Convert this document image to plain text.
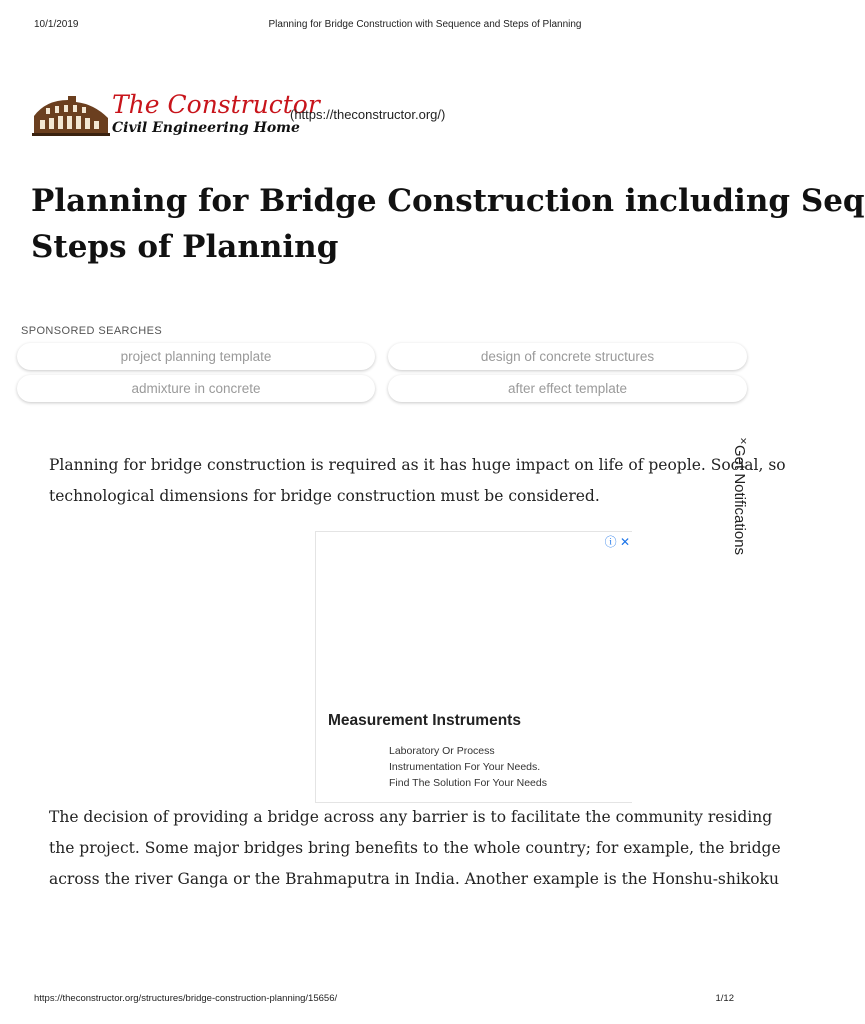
10/1/2019	Planning for Bridge Construction with Sequence and Steps of Planning
The Constructor
Civil Engineering Home
(https://theconstructor.org/)
Planning for Bridge Construction including Seq
Steps of Planning
SPONSORED SEARCHES
project planning template	design of concrete structures
admixture in concrete	after effect template
Planning for bridge construction is required as it has huge impact on life of people. Social, so
technological dimensions for bridge construction must be considered.
ⓘ ✕
Measurement Instruments
Laboratory Or Process
Instrumentation For Your Needs.
Find The Solution For Your Needs
×
Get Notifications
The decision of providing a bridge across any barrier is to facilitate the community residing
the project. Some major bridges bring benefits to the whole country; for example, the bridge
across the river Ganga or the Brahmaputra in India. Another example is the Honshu-shikoku
https://theconstructor.org/structures/bridge-construction-planning/15656/	1/12
